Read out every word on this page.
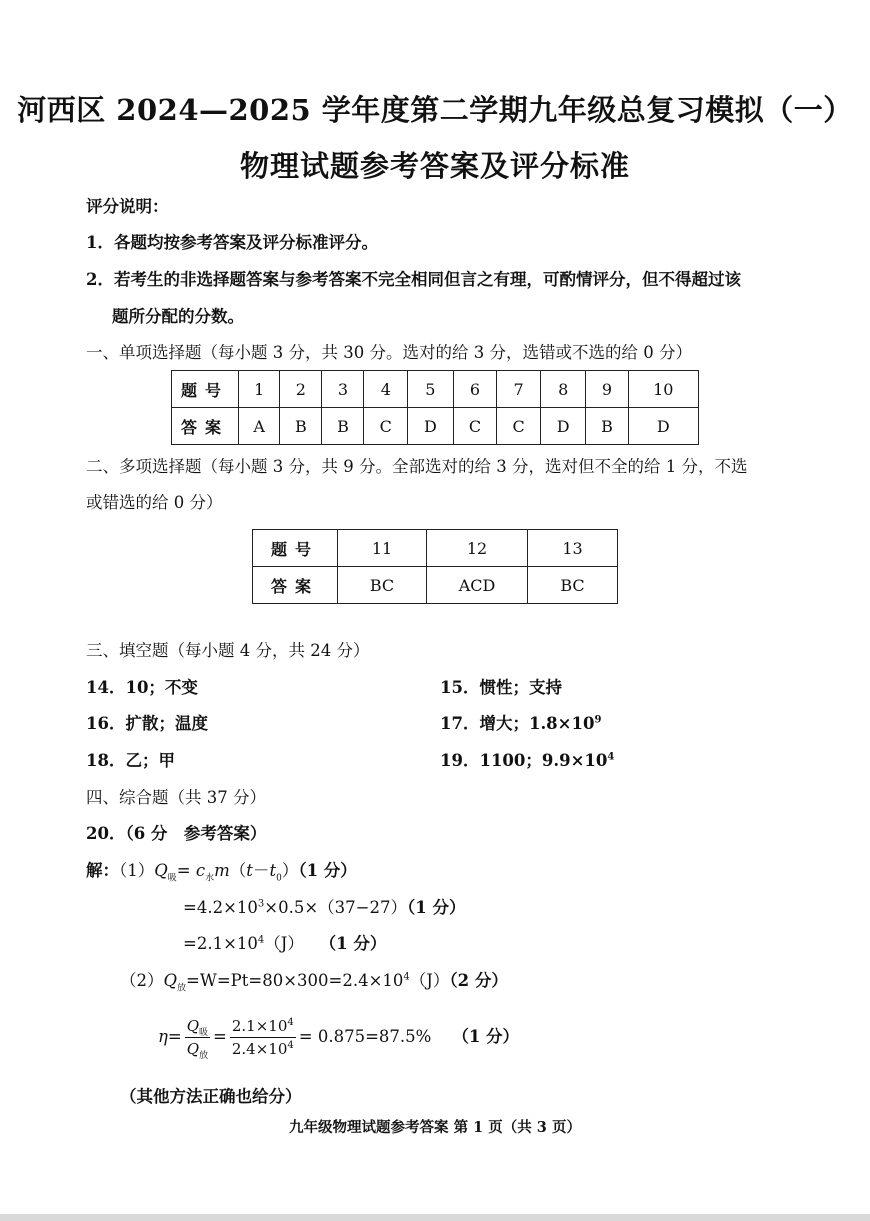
河西区 2024—2025 学年度第二学期九年级总复习模拟（一）
物理试题参考答案及评分标准
评分说明：
1．各题均按参考答案及评分标准评分。
2．若考生的非选择题答案与参考答案不完全相同但言之有理，可酌情评分，但不得超过该
题所分配的分数。
一、单项选择题（每小题 3 分，共 30 分。选对的给 3 分，选错或不选的给 0 分）
题号	1	2	3	4	5	6	7	8	9	10
答案	A	B	B	C	D	C	C	D	B	D
二、多项选择题（每小题 3 分，共 9 分。全部选对的给 3 分，选对但不全的给 1 分，不选
或错选的给 0 分）
题号	11	12	13
答案	BC	ACD	BC
三、填空题（每小题 4 分，共 24 分）
14．10；不变	15．惯性；支持
16．扩散；温度	17．增大；$1.8\times 10^9$
18．乙；甲	19．1100；$9.9\times 10^4$
四、综合题（共 37 分）
20．（6 分　参考答案）
解：$(1)Q_吸= c_水m(t-t_0)(1$ 分）
$=4.2\times 10^3\times 0.5\times(37-27)(1$ 分）
$=2.1\times 10^4(J)$ （1 分）
$(2)Q_放=W=Pt=80\times 300=2.4\times 10^4(J)(2$ 分）
$\eta = \frac{Q_吸}{Q_放} = \frac{2.1\times 10^4}{2.4\times 10^4} = 0.875=87.5\%$
（1 分）
（其他方法正确也给分）
九年级物理试题参考答案 第 1 页（共 3 页）
